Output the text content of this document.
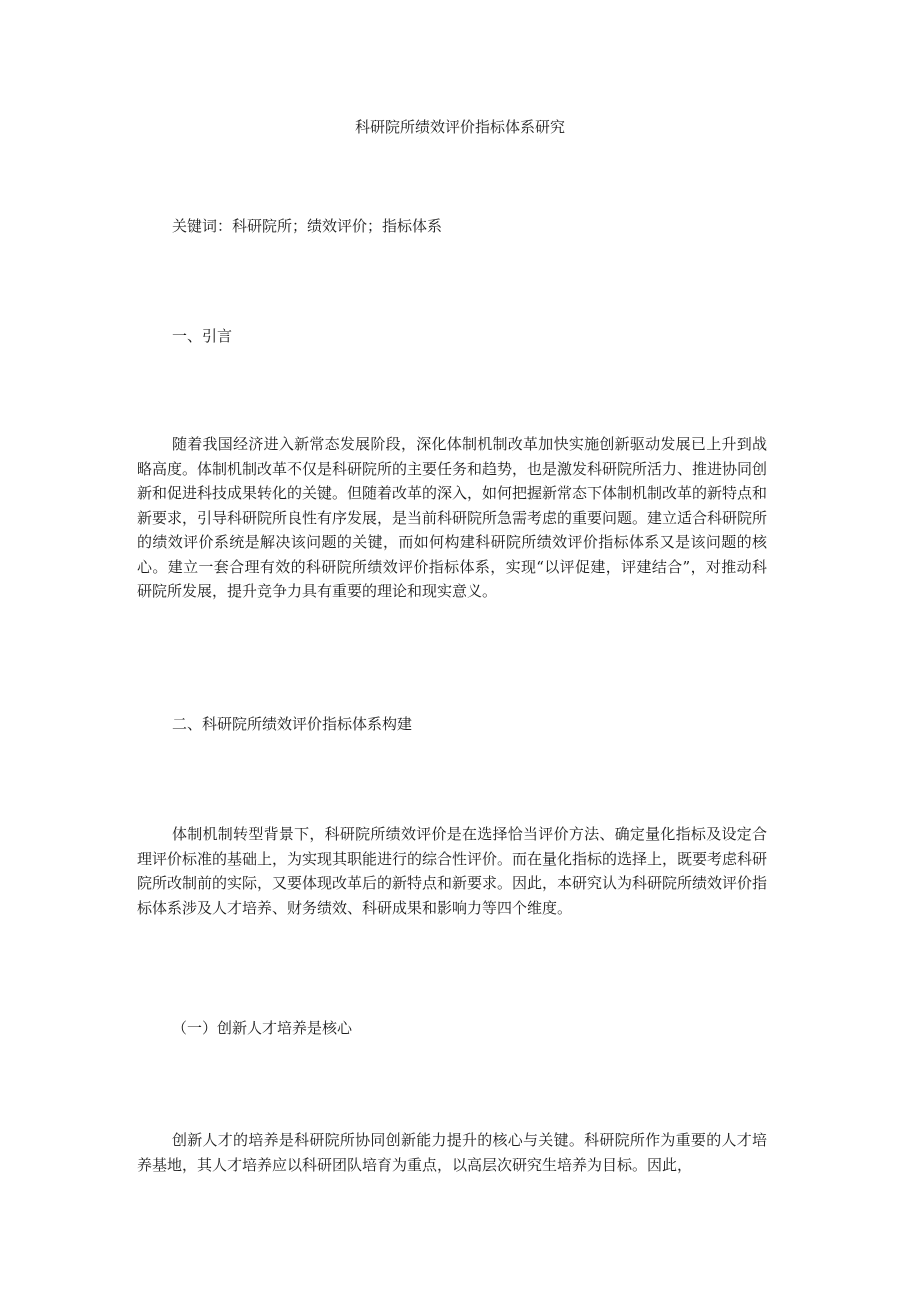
科研院所绩效评价指标体系研究
关键词：科研院所；绩效评价；指标体系
一、引言

随着我国经济进入新常态发展阶段，深化体制机制改革加快实施创新驱动发展已上升到战略高度。体制机制改革不仅是科研院所的主要任务和趋势，也是激发科研院所活力、推进协同创新和促进科技成果转化的关键。但随着改革的深入，如何把握新常态下体制机制改革的新特点和新要求，引导科研院所良性有序发展，是当前科研院所急需考虑的重要问题。建立适合科研院所的绩效评价系统是解决该问题的关键，而如何构建科研院所绩效评价指标体系又是该问题的核心。建立一套合理有效的科研院所绩效评价指标体系，实现“以评促建，评建结合”，对推动科研院所发展，提升竞争力具有重要的理论和现实意义。

二、科研院所绩效评价指标体系构建

体制机制转型背景下，科研院所绩效评价是在选择恰当评价方法、确定量化指标及设定合理评价标准的基础上，为实现其职能进行的综合性评价。而在量化指标的选择上，既要考虑科研院所改制前的实际，又要体现改革后的新特点和新要求。因此，本研究认为科研院所绩效评价指标体系涉及人才培养、财务绩效、科研成果和影响力等四个维度。

（一）创新人才培养是核心

创新人才的培养是科研院所协同创新能力提升的核心与关键。科研院所作为重要的人才培养基地，其人才培养应以科研团队培育为重点，以高层次研究生培养为目标。因此，
